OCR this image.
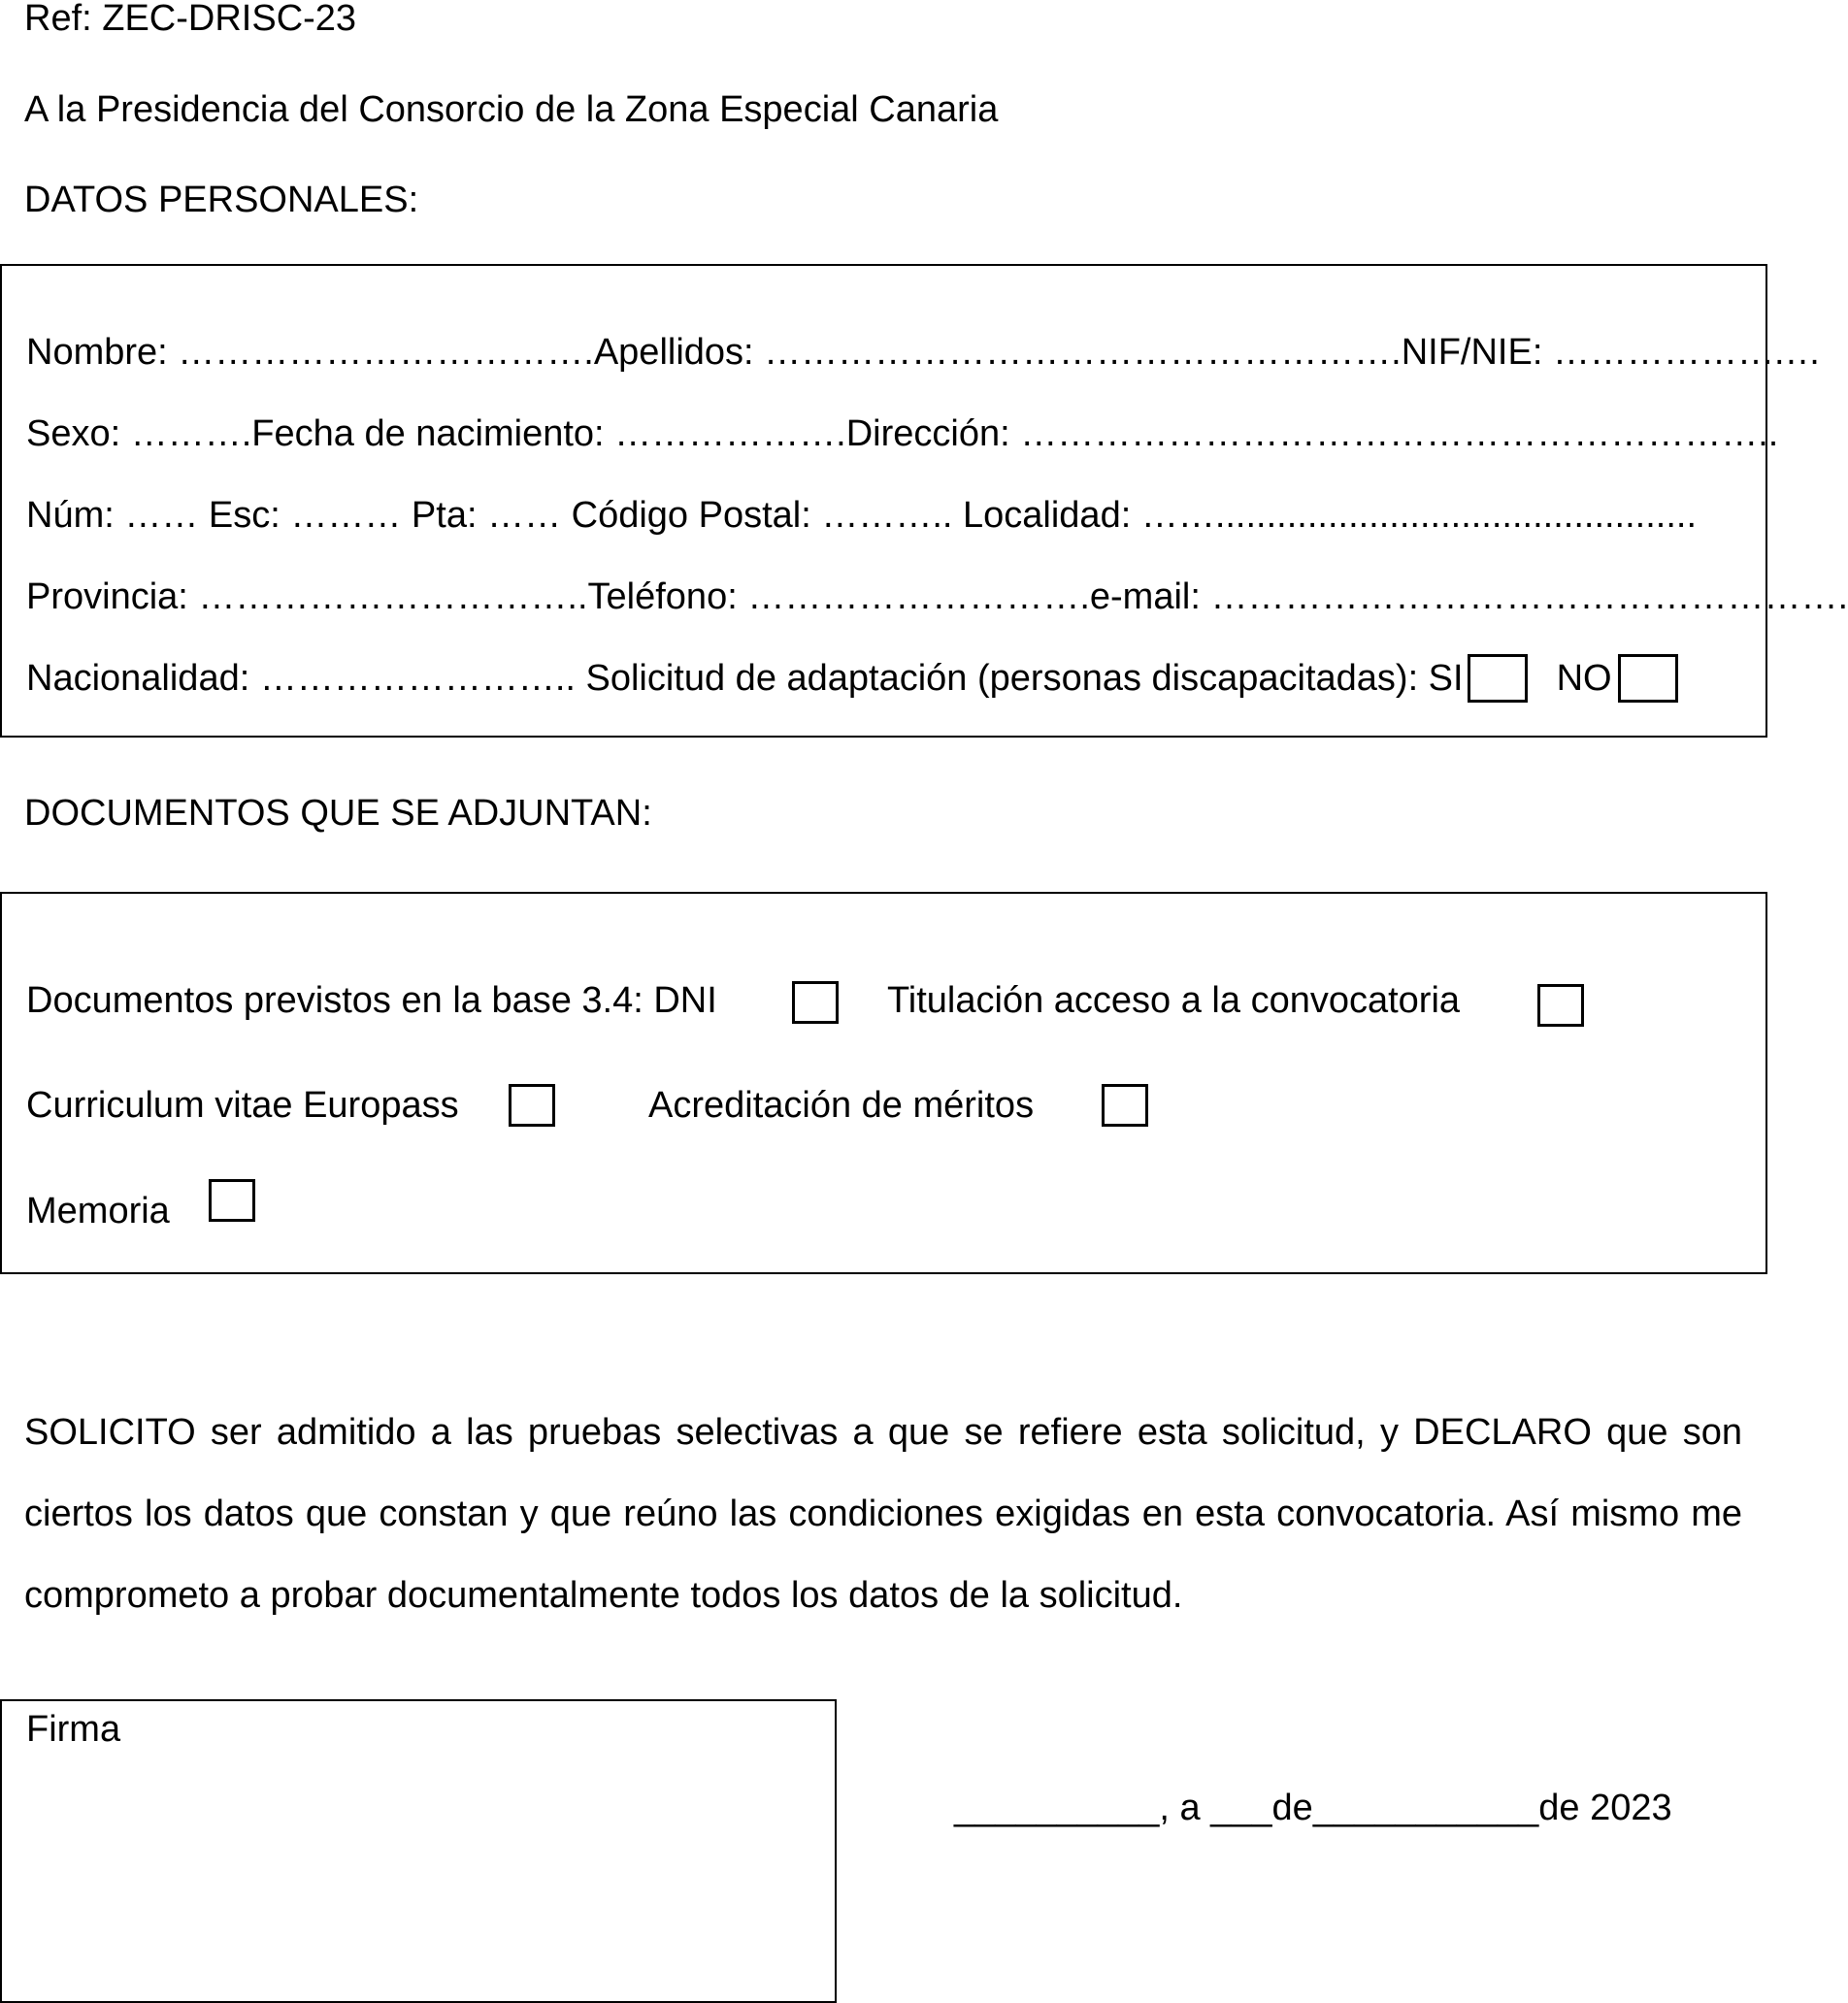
Ref: ZEC-DRISC-23
A la Presidencia del Consorcio de la Zona Especial Canaria
DATOS PERSONALES:
Nombre: ……………………………. Apellidos: ……………………………………………. NIF/NIE: ……………….…
Sexo: ………. Fecha de nacimiento: ………………. Dirección: ……………………………………………………..
Núm: …… Esc: ……… Pta: …… Código Postal: ……….. Localidad: ……...............................................
Provincia: ………………………….. Teléfono: ………………………. e-mail: …………………………………………….
Nacionalidad: …………………….. Solicitud de adaptación (personas discapacitadas): SI	NO
DOCUMENTOS QUE SE ADJUNTAN:
Documentos previstos en la base 3.4: DNI	Titulación acceso a la convocatoria
Curriculum vitae Europass	Acreditación de méritos
Memoria
SOLICITO ser admitido a las pruebas selectivas a que se refiere esta solicitud, y DECLARO que son ciertos los datos que constan y que reúno las condiciones exigidas en esta convocatoria. Así mismo me comprometo a probar documentalmente todos los datos de la solicitud.
Firma
__________, a ___de___________de 2023
